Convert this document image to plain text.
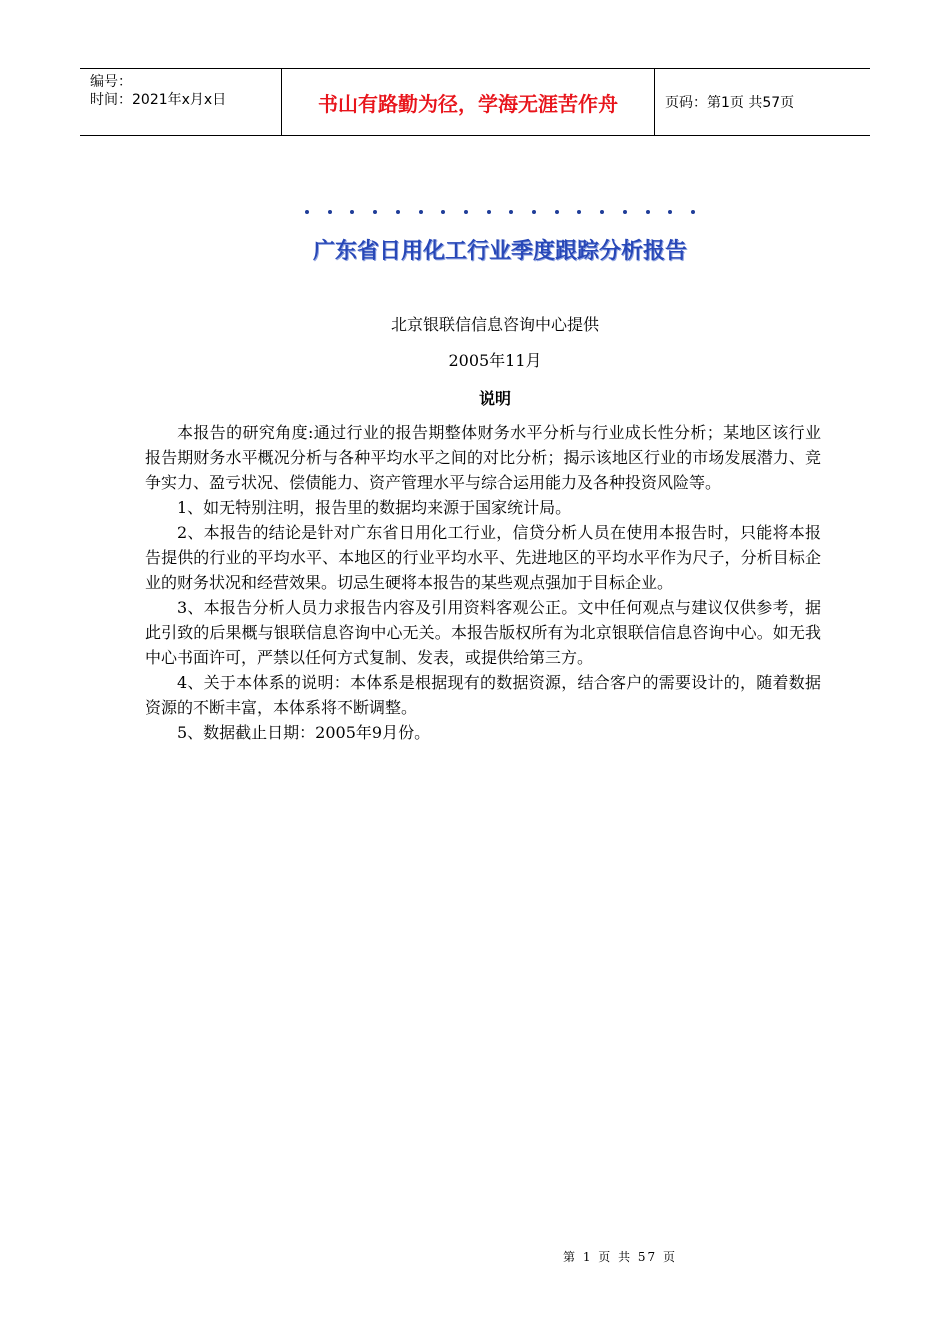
编号：
时间：2021年x月x日	书山有路勤为径，学海无涯苦作舟	页码：第1页 共57页
广东省日用化工行业季度跟踪分析报告
北京银联信信息咨询中心提供
2005年11月
说明

本报告的研究角度:通过行业的报告期整体财务水平分析与行业成长性分析；某地区该行业报告期财务水平概况分析与各种平均水平之间的对比分析；揭示该地区行业的市场发展潜力、竞争实力、盈亏状况、偿债能力、资产管理水平与综合运用能力及各种投资风险等。

1、如无特别注明，报告里的数据均来源于国家统计局。

2、本报告的结论是针对广东省日用化工行业，信贷分析人员在使用本报告时，只能将本报告提供的行业的平均水平、本地区的行业平均水平、先进地区的平均水平作为尺子，分析目标企业的财务状况和经营效果。切忌生硬将本报告的某些观点强加于目标企业。

3、本报告分析人员力求报告内容及引用资料客观公正。文中任何观点与建议仅供参考，据此引致的后果概与银联信息咨询中心无关。本报告版权所有为北京银联信信息咨询中心。如无我中心书面许可，严禁以任何方式复制、发表，或提供给第三方。

4、关于本体系的说明：本体系是根据现有的数据资源，结合客户的需要设计的，随着数据资源的不断丰富，本体系将不断调整。

5、数据截止日期：2005年9月份。

第 1 页 共 57 页
